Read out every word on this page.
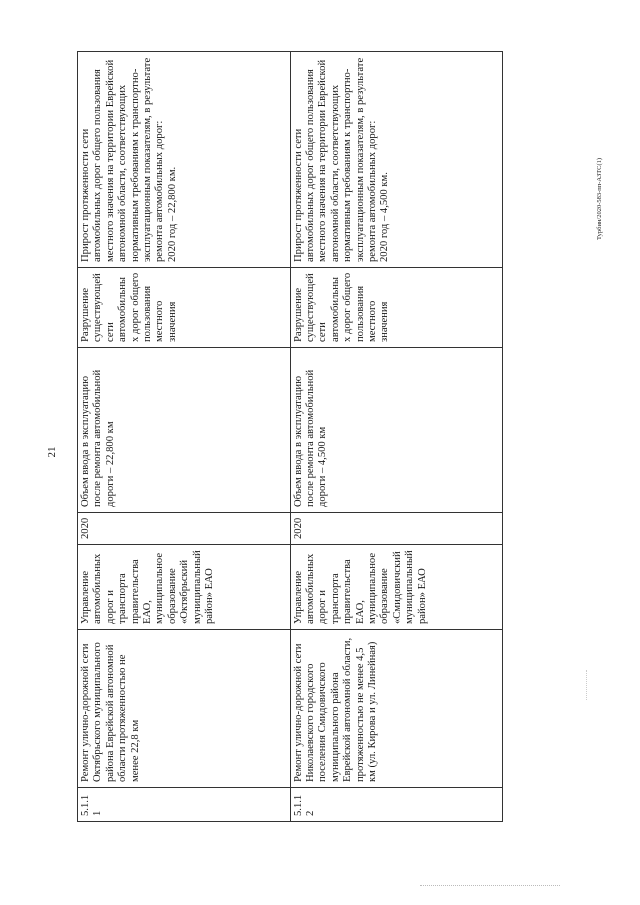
21
Турбин/2020-583-пп-АЗТС(1)
5.1.11	Ремонт улично-дорожной сети Октябрьского муниципального района Еврейской автономной области протяженностью не менее 22,8 км	Управление автомобильных дорог и транспорта правительства ЕАО, муниципальное образование «Октябрьский муниципальный район» ЕАО	2020	Объем ввода в эксплуатацию после ремонта автомобильной дороги – 22,800 км	Разрушение существующей сети автомобильных дорог общего пользования местного значения	Прирост протяженности сети автомобильных дорог общего пользования местного значения на территории Еврейской автономной области, соответствующих нормативным требованиям к транспортно-эксплуатационным показателям, в результате ремонта автомобильных дорог:
2020 год – 22,800 км.
5.1.12	Ремонт улично-дорожной сети Николаевского городского поселения Смидовичского муниципального района Еврейской автономной области, протяженностью не менее 4,5 км (ул. Кирова и ул. Линейная)	Управление автомобильных дорог и транспорта правительства ЕАО, муниципальное образование «Смидовичский муниципальный район» ЕАО	2020	Объем ввода в эксплуатацию после ремонта автомобильной дороги – 4,500 км	Разрушение существующей сети автомобильных дорог общего пользования местного значения	Прирост протяженности сети автомобильных дорог общего пользования местного значения на территории Еврейской автономной области, соответствующих нормативным требованиям к транспортно-эксплуатационным показателям, в результате ремонта автомобильных дорог:
2020 год – 4,500 км.
